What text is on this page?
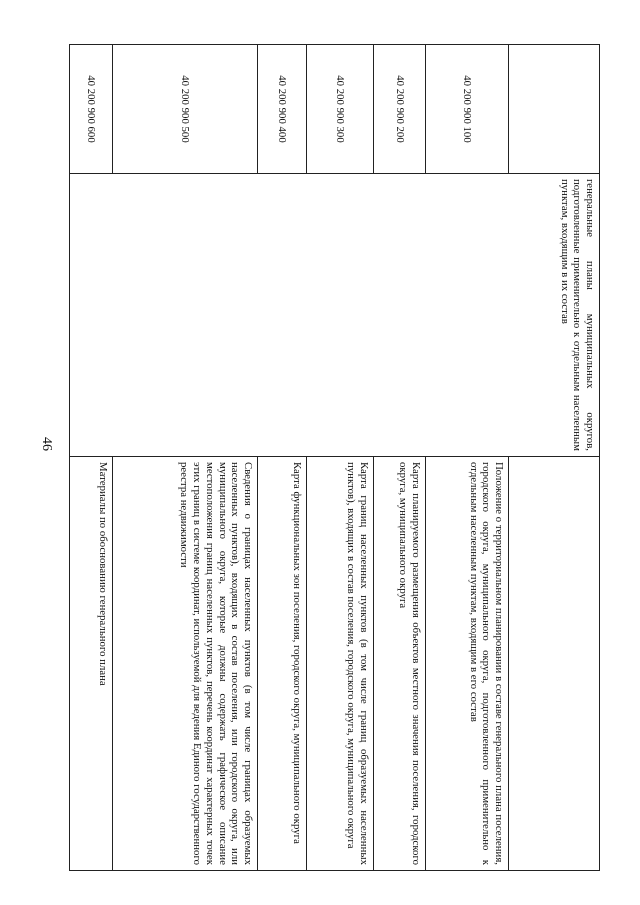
46
		генеральные планы муниципальных округов, подготовленные применительно к отдельным населенным пунктам, входящим в их состав	
40 200 900 100		Положение о территориальном планировании в составе генерального плана поселения, городского округа, муниципального округа, подготовленного применительно к отдельным населенным пунктам, входящим в его состав
40 200 900 200		Карта планируемого размещения объектов местного значения поселения, городского округа, муниципального округа
40 200 900 300		Карта границ населенных пунктов (в том числе границ образуемых населенных пунктов), входящих в состав поселения, городского округа, муниципального округа
40 200 900 400		Карта функциональных зон поселения, городского округа, муниципального округа
40 200 900 500		Сведения о границах населенных пунктов (в том числе границах образуемых населенных пунктов), входящих в состав поселения, или городского округа, или муниципального округа, которые должны содержать графическое описание местоположения границ населенных пунктов, перечень координат характерных точек этих границ в системе координат, используемой для ведения Единого государственного реестра недвижимости
40 200 900 600		Материалы по обоснованию генерального плана
